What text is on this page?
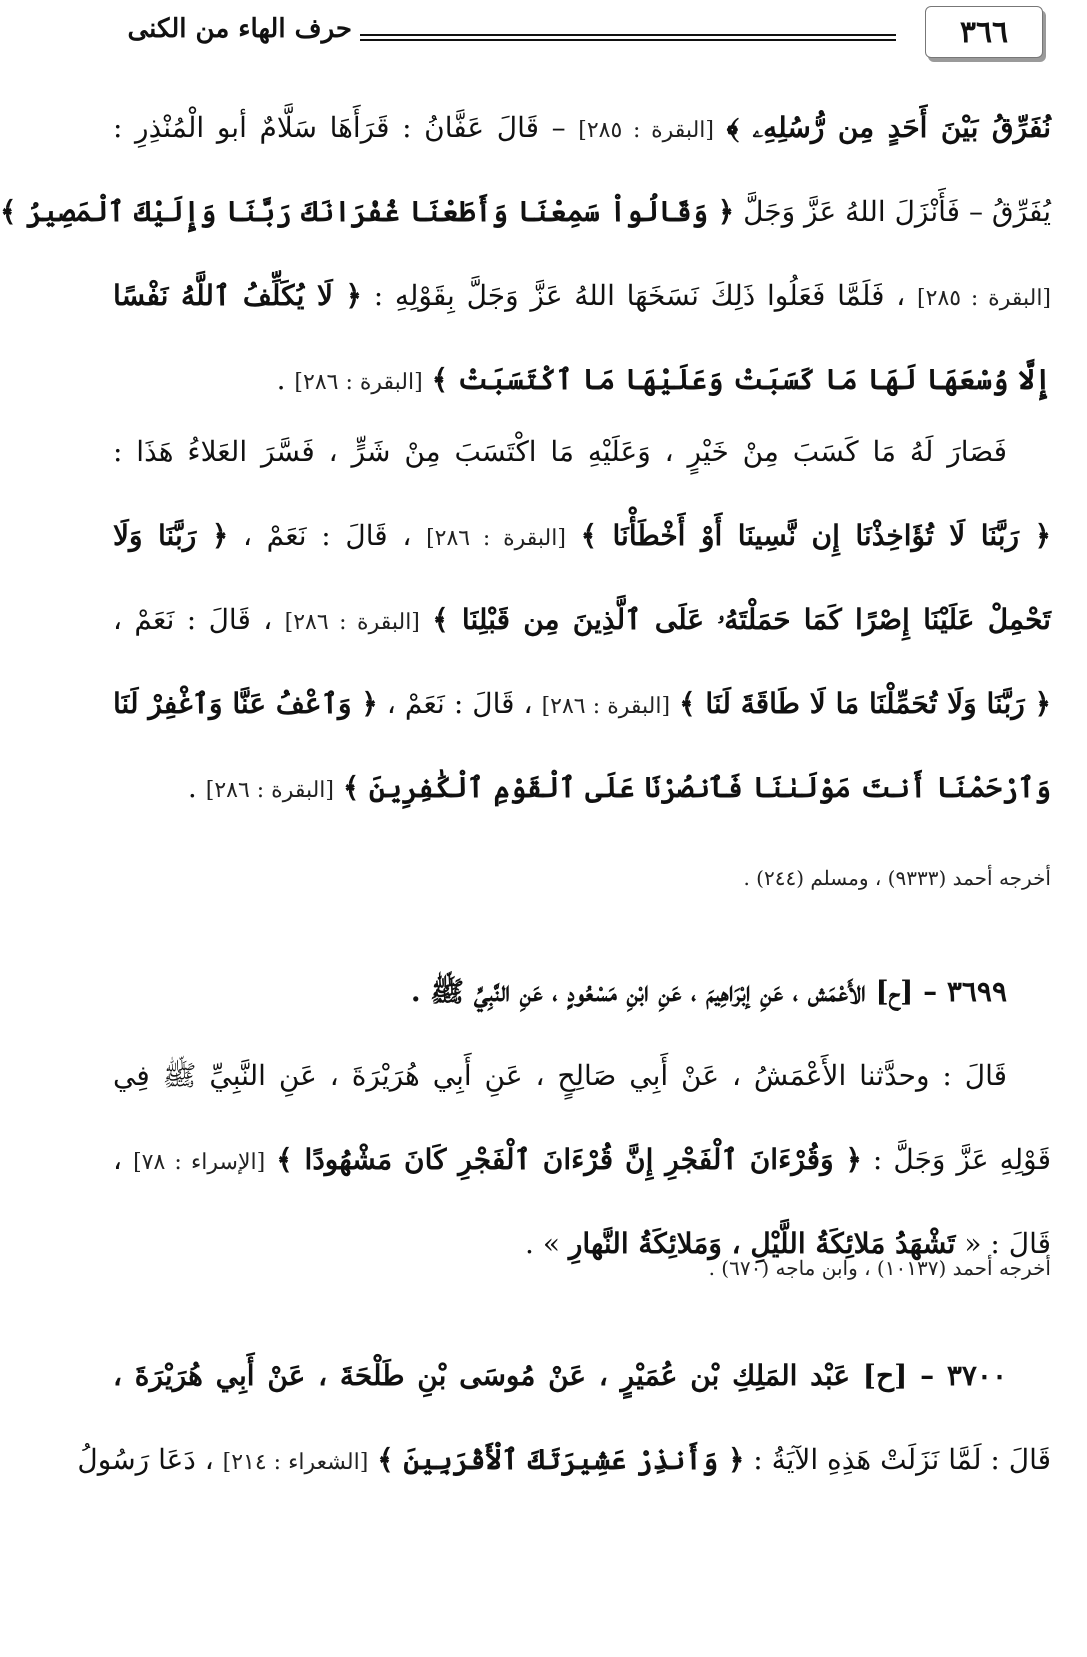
٣٦٦
حرف الهاء من الكنى
نُفَرِّقُ بَيْنَ أَحَدٍ مِن رُّسُلِهِۦ ﴾ [البقرة : ٢٨٥] – قَالَ عَفَّانُ : قَرَأَهَا سَلَّامٌ أبو الْمُنْذِرِ :
يُفَرِّقُ – فَأَنْزَلَ اللهُ عَزَّ وَجَلَّ ﴿ وَقَالُواْ سَمِعْنَا وَأَطَعْنَا غُفْرَانَكَ رَبَّنَا وَإِلَيْكَ ٱلْمَصِيرُ ﴾
[البقرة : ٢٨٥] ، فَلَمَّا فَعَلُوا ذَلِكَ نَسَخَهَا اللهُ عَزَّ وَجَلَّ بِقَوْلِهِ : ﴿ لَا يُكَلِّفُ ٱللَّهُ نَفْسًا
إِلَّا وُسْعَهَا لَهَا مَا كَسَبَتْ وَعَلَيْهَا مَا ٱكْتَسَبَتْ ﴾ [البقرة : ٢٨٦] .
فَصَارَ لَهُ مَا كَسَبَ مِنْ خَيْرٍ ، وَعَلَيْهِ مَا اكْتَسَبَ مِنْ شَرٍّ ، فَسَّرَ العَلاءُ هَذَا :
﴿ رَبَّنَا لَا تُؤَاخِذْنَا إِن نَّسِينَا أَوْ أَخْطَأْنَا ﴾ [البقرة : ٢٨٦] ، قَالَ : نَعَمْ ، ﴿ رَبَّنَا وَلَا
تَحْمِلْ عَلَيْنَا إِصْرًا كَمَا حَمَلْتَهُۥ عَلَى ٱلَّذِينَ مِن قَبْلِنَا ﴾ [البقرة : ٢٨٦] ، قَالَ : نَعَمْ ،
﴿ رَبَّنَا وَلَا تُحَمِّلْنَا مَا لَا طَاقَةَ لَنَا ﴾ [البقرة : ٢٨٦] ، قَالَ : نَعَمْ ، ﴿ وَٱعْفُ عَنَّا وَٱغْفِرْ لَنَا
وَٱرْحَمْنَا أَنتَ مَوْلَىٰنَا فَٱنصُرْنَا عَلَى ٱلْقَوْمِ ٱلْكَٰفِرِينَ ﴾ [البقرة : ٢٨٦] .
أخرجه أحمد (٩٣٣٣) ، ومسلم (٢٤٤) .
٣٦٩٩ – [ح] الأَعْمَش ، عَنِ إبْرَاهِيمَ ، عَنِ ابْنِ مَسْعُودٍ ، عَنِ النَّبِيِّ ﷺ .
قَالَ : وحدَّثنا الأَعْمَشُ ، عَنْ أَبِي صَالِحٍ ، عَنِ أَبِي هُرَيْرَةَ ، عَنِ النَّبِيِّ ﷺ فِي
قَوْلِهِ عَزَّ وَجَلَّ : ﴿ وَقُرْءَانَ ٱلْفَجْرِ إِنَّ قُرْءَانَ ٱلْفَجْرِ كَانَ مَشْهُودًا ﴾ [الإسراء : ٧٨] ،
قَالَ : « تَشْهَدُ مَلائِكَةُ اللَّيْلِ ، وَمَلائِكَةُ النَّهارِ » .
أخرجه أحمد (١٠١٣٧) ، وابن ماجه (٦٧٠) .
٣٧٠٠ – [ح] عَبْد المَلِكِ بْن عُمَيْرٍ ، عَنْ مُوسَى بْنِ طَلْحَةَ ، عَنْ أَبِي هُرَيْرَةَ ،
قَالَ : لَمَّا نَزَلَتْ هَذِهِ الآيَةُ : ﴿ وَأَنذِرْ عَشِيرَتَكَ ٱلْأَقْرَبِينَ ﴾ [الشعراء : ٢١٤] ، دَعَا رَسُولُ
